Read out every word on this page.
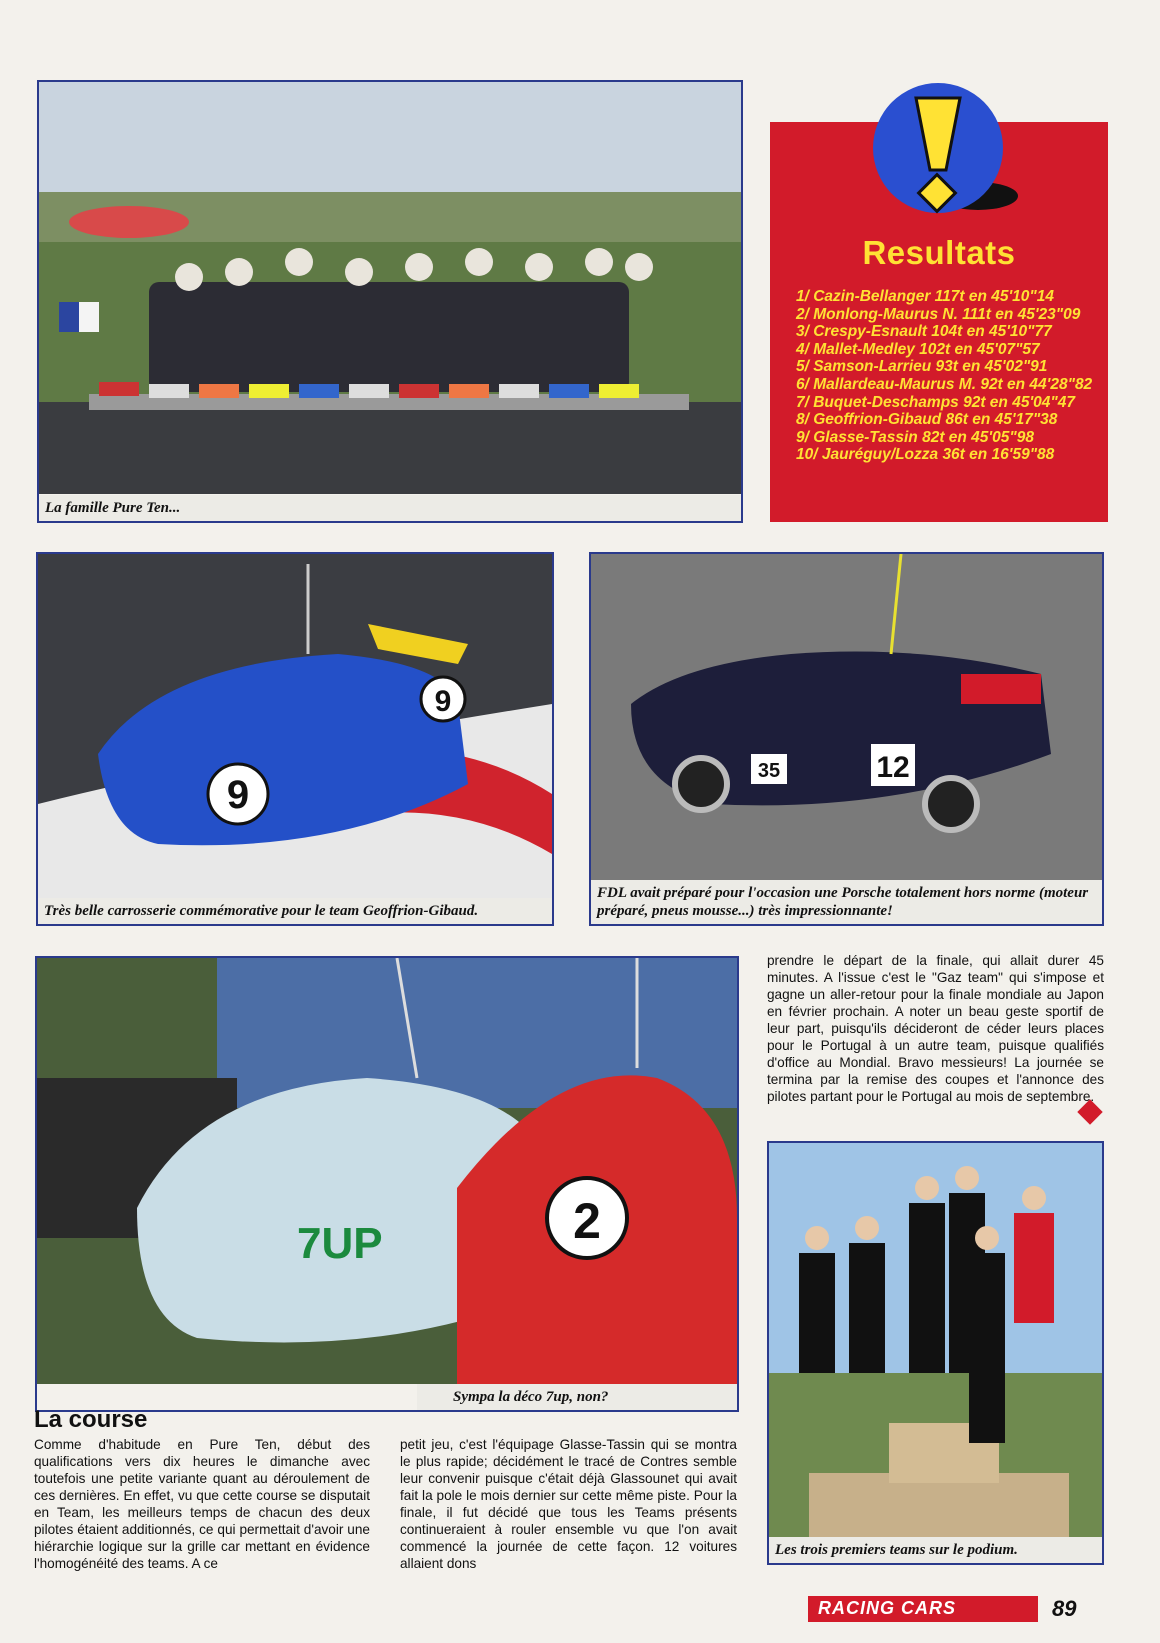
La famille Pure Ten...
Resultats
1/ Cazin-Bellanger 117t en 45'10"14
2/ Monlong-Maurus N. 111t en 45'23"09
3/ Crespy-Esnault 104t en 45'10"77
4/ Mallet-Medley 102t en 45'07"57
5/ Samson-Larrieu 93t en 45'02"91
6/ Mallardeau-Maurus M. 92t en 44'28"82
7/ Buquet-Deschamps 92t en 45'04"47
8/ Geoffrion-Gibaud 86t en 45'17"38
9/ Glasse-Tassin 82t en 45'05"98
10/ Jauréguy/Lozza 36t en 16'59"88
9
9
Très belle carrosserie commémorative pour le team Geoffrion-Gibaud.
35	12
FDL avait préparé pour l'occasion une Porsche totalement hors norme (moteur préparé, pneus mousse...) très impressionnante!
7UP	2
Sympa la déco 7up, non?
Les trois premiers teams sur le podium.

prendre le départ de la finale, qui allait durer 45 minutes. A l'issue c'est le "Gaz team" qui s'impose et gagne un aller-retour pour la finale mondiale au Japon en février prochain. A noter un beau geste sportif de leur part, puisqu'ils décideront de céder leurs places pour le Portugal à un autre team, puisque qualifiés d'office au Mondial. Bravo messieurs! La journée se termina par la remise des coupes et l'annonce des pilotes partant pour le Portugal au mois de septembre.

La course

Comme d'habitude en Pure Ten, début des qualifications vers dix heures le dimanche avec toutefois une petite variante quant au déroulement de ces dernières. En effet, vu que cette course se disputait en Team, les meilleurs temps de chacun des deux pilotes étaient additionnés, ce qui permettait d'avoir une hiérarchie logique sur la grille car mettant en évidence l'homogénéité des teams. A ce

petit jeu, c'est l'équipage Glasse-Tassin qui se montra le plus rapide; décidément le tracé de Contres semble leur convenir puisque c'était déjà Glassounet qui avait fait la pole le mois dernier sur cette même piste. Pour la finale, il fut décidé que tous les Teams présents continueraient à rouler ensemble vu que l'on avait commencé la journée de cette façon. 12 voitures allaient dons

RACING CARS	89
